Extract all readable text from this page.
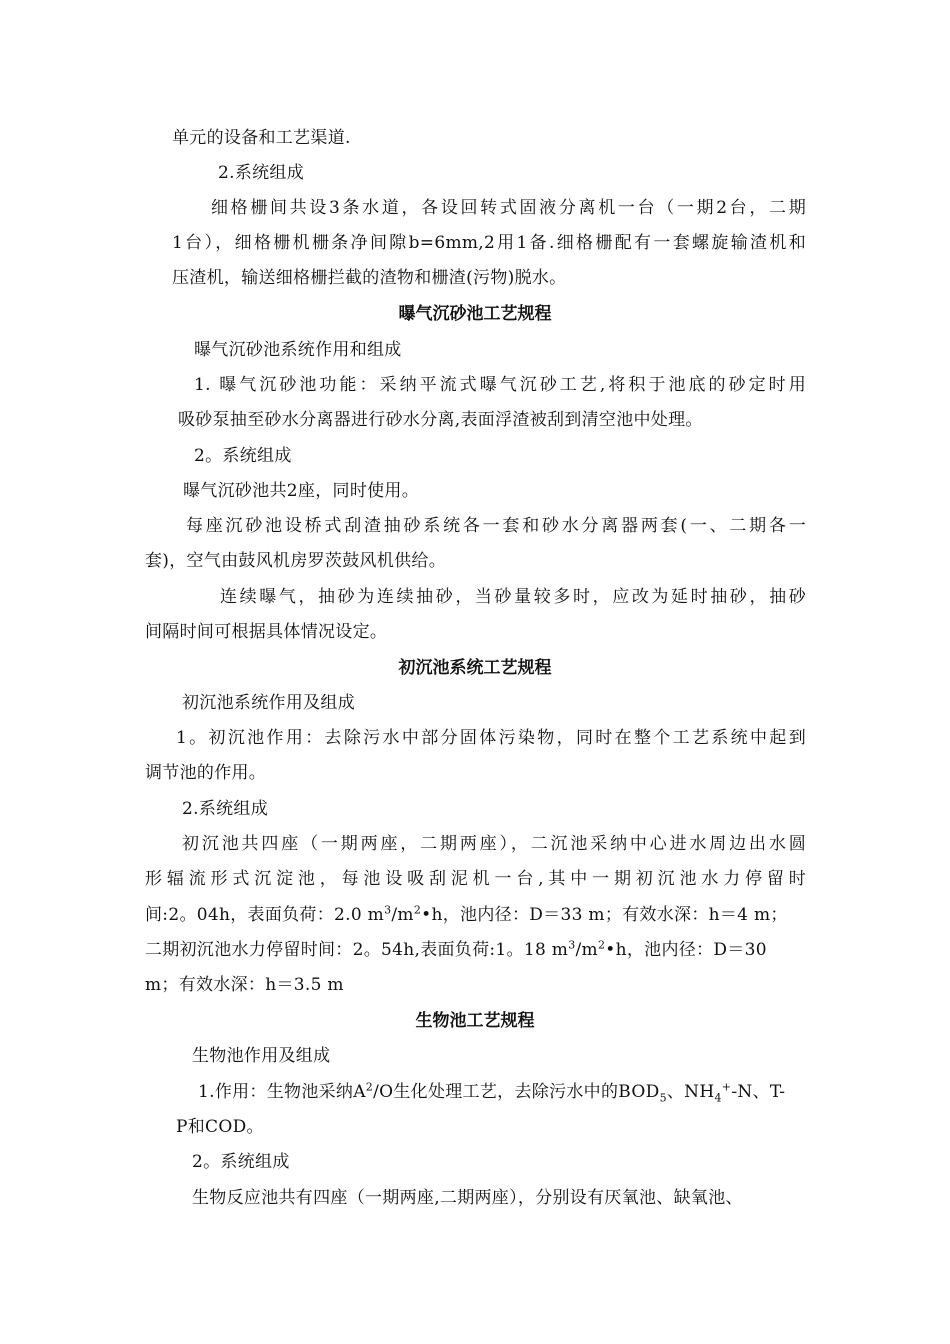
单元的设备和工艺渠道.
2.系统组成
细格栅间共设3条水道，各设回转式固液分离机一台（一期2台，二期
1台），细格栅机栅条净间隙b=6mm,2用1备.细格栅配有一套螺旋输渣机和
压渣机，输送细格栅拦截的渣物和栅渣(污物)脱水。
曝气沉砂池工艺规程
曝气沉砂池系统作用和组成
1. 曝气沉砂池功能：采纳平流式曝气沉砂工艺,将积于池底的砂定时用
吸砂泵抽至砂水分离器进行砂水分离,表面浮渣被刮到清空池中处理。
2。系统组成
曝气沉砂池共2座，同时使用。
每座沉砂池设桥式刮渣抽砂系统各一套和砂水分离器两套(一、二期各一
套)，空气由鼓风机房罗茨鼓风机供给。
连续曝气，抽砂为连续抽砂，当砂量较多时，应改为延时抽砂，抽砂
间隔时间可根据具体情况设定。
初沉池系统工艺规程
初沉池系统作用及组成
1。初沉池作用：去除污水中部分固体污染物，同时在整个工艺系统中起到
调节池的作用。
2.系统组成
初沉池共四座（一期两座，二期两座），二沉池采纳中心进水周边出水圆
形辐流形式沉淀池，每池设吸刮泥机一台,其中一期初沉池水力停留时
间:2。04h，表面负荷：2.0 $m^3/m^2•h$，池内径：D＝33 m；有效水深：h＝4 m；
二期初沉池水力停留时间：2。54h,表面负荷:1。18 $m^3/m^2•h$，池内径：D＝30
m；有效水深：h＝3.5 m
生物池工艺规程
生物池作用及组成
1.作用：生物池采纳$A^2/O$生化处理工艺，去除污水中的$BOD_5$、$NH_4^+-N$、T-
P和COD。
2。系统组成
生物反应池共有四座（一期两座,二期两座），分别设有厌氧池、缺氧池、
